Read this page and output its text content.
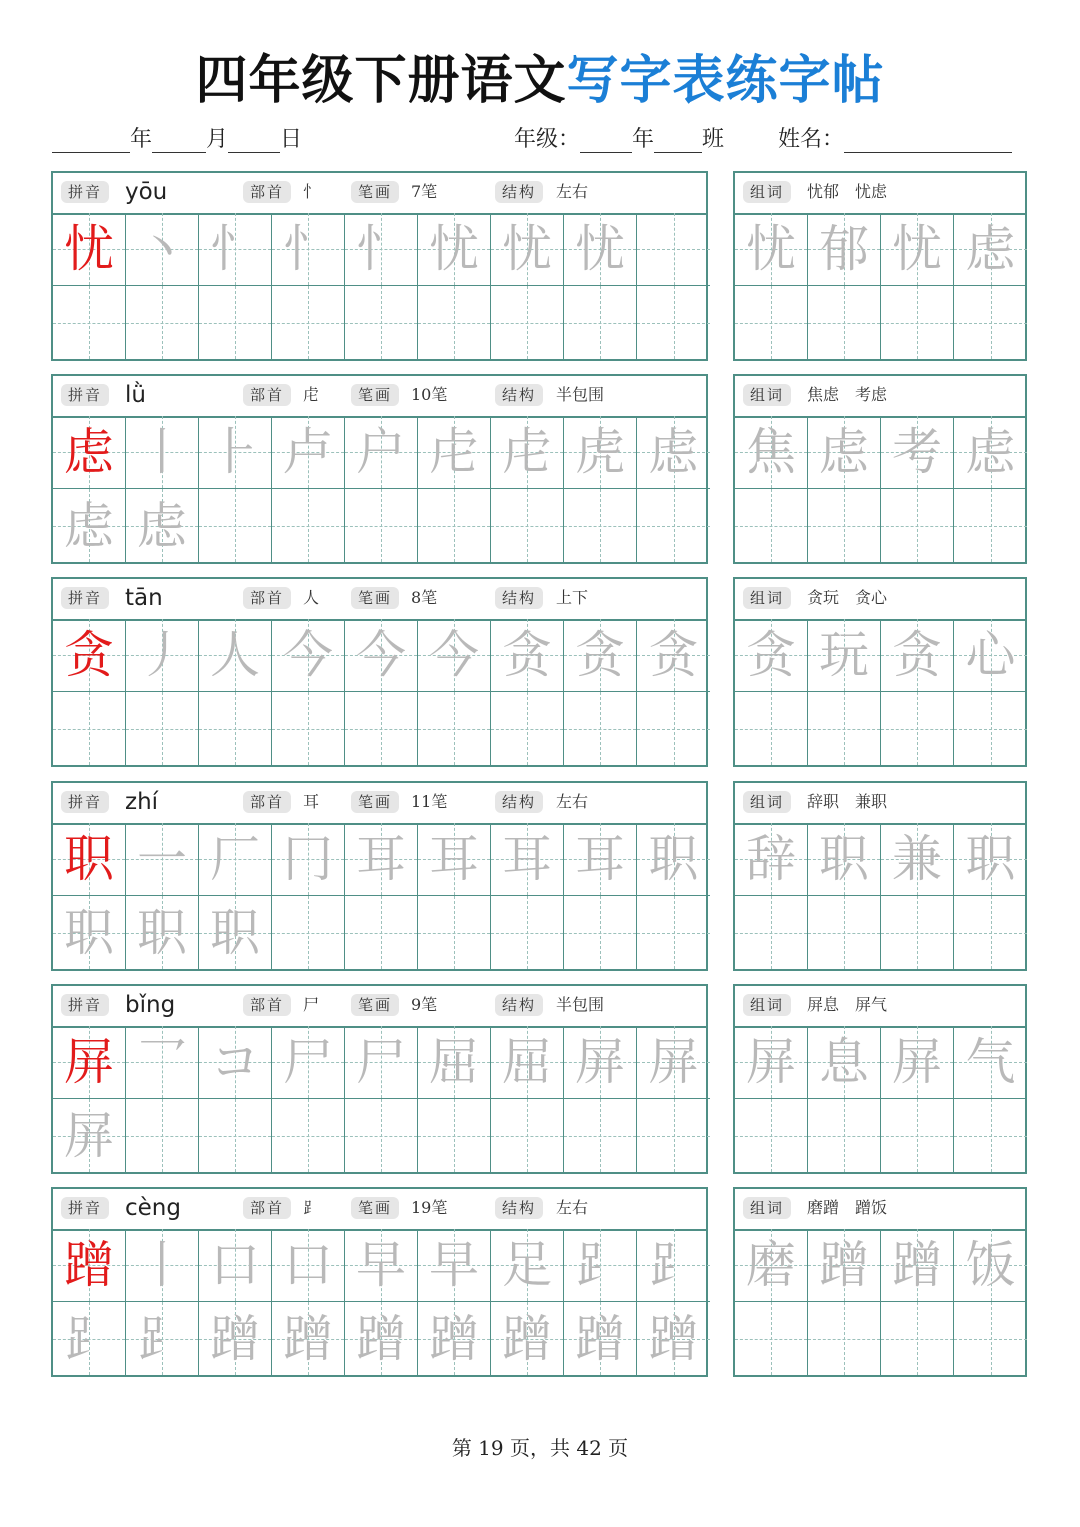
四年级下册语文写字表练字帖
年 月 日	年级： 年 班 姓名：
拼音 yōu	部首	忄	笔画	7笔	结构	左右
忧 丶 忄 忄 忄 忧 忧 忧
组词	忧郁　忧虑
忧 郁 忧 虑
拼音 lǜ	部首	虍	笔画	10笔	结构	半包围
虑 丨 ⺊ 卢 户 虍 虍 虎 虑
虑 虑
组词	焦虑　考虑
焦 虑 考 虑
拼音 tān	部首	人	笔画	8笔	结构	上下
贪 丿 人 今 今 今 贪 贪 贪
组词	贪玩　贪心
贪 玩 贪 心
拼音 zhí	部首	耳	笔画	11笔	结构	左右
职 一 厂 冂 耳 耳 耳 耳 职
职 职 职
组词	辞职　兼职
辞 职 兼 职
拼音 bǐng	部首	尸	笔画	9笔	结构	半包围
屏 乛 コ 尸 尸 屈 屈 屏 屏
屏
组词	屏息　屏气
屏 息 屏 气
拼音 cèng	部首	⻊	笔画	19笔	结构	左右
蹭 丨 口 口 早 早 足 ⻊ ⻊
⻊ ⻊ 蹭 蹭 蹭 蹭 蹭 蹭 蹭
组词	磨蹭　蹭饭
磨 蹭 蹭 饭
第 19 页，共 42 页
